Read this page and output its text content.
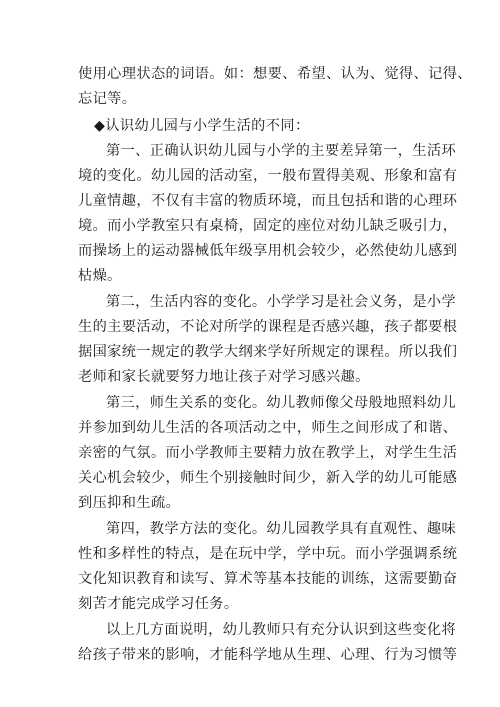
使用心理状态的词语。如：想要、希望、认为、觉得、记得、
忘记等。
◆认识幼儿园与小学生活的不同：
第一、正确认识幼儿园与小学的主要差异第一，生活环
境的变化。幼儿园的活动室，一般布置得美观、形象和富有
儿童情趣，不仅有丰富的物质环境，而且包括和谐的心理环
境。而小学教室只有桌椅，固定的座位对幼儿缺乏吸引力，
而操场上的运动器械低年级享用机会较少，必然使幼儿感到
枯燥。
第二，生活内容的变化。小学学习是社会义务，是小学
生的主要活动，不论对所学的课程是否感兴趣，孩子都要根
据国家统一规定的教学大纲来学好所规定的课程。所以我们
老师和家长就要努力地让孩子对学习感兴趣。
第三，师生关系的变化。幼儿教师像父母般地照料幼儿
并参加到幼儿生活的各项活动之中，师生之间形成了和谐、
亲密的气氛。而小学教师主要精力放在教学上，对学生生活
关心机会较少，师生个别接触时间少，新入学的幼儿可能感
到压抑和生疏。
第四，教学方法的变化。幼儿园教学具有直观性、趣味
性和多样性的特点，是在玩中学，学中玩。而小学强调系统
文化知识教育和读写、算术等基本技能的训练，这需要勤奋
刻苦才能完成学习任务。
以上几方面说明，幼儿教师只有充分认识到这些变化将
给孩子带来的影响，才能科学地从生理、心理、行为习惯等
